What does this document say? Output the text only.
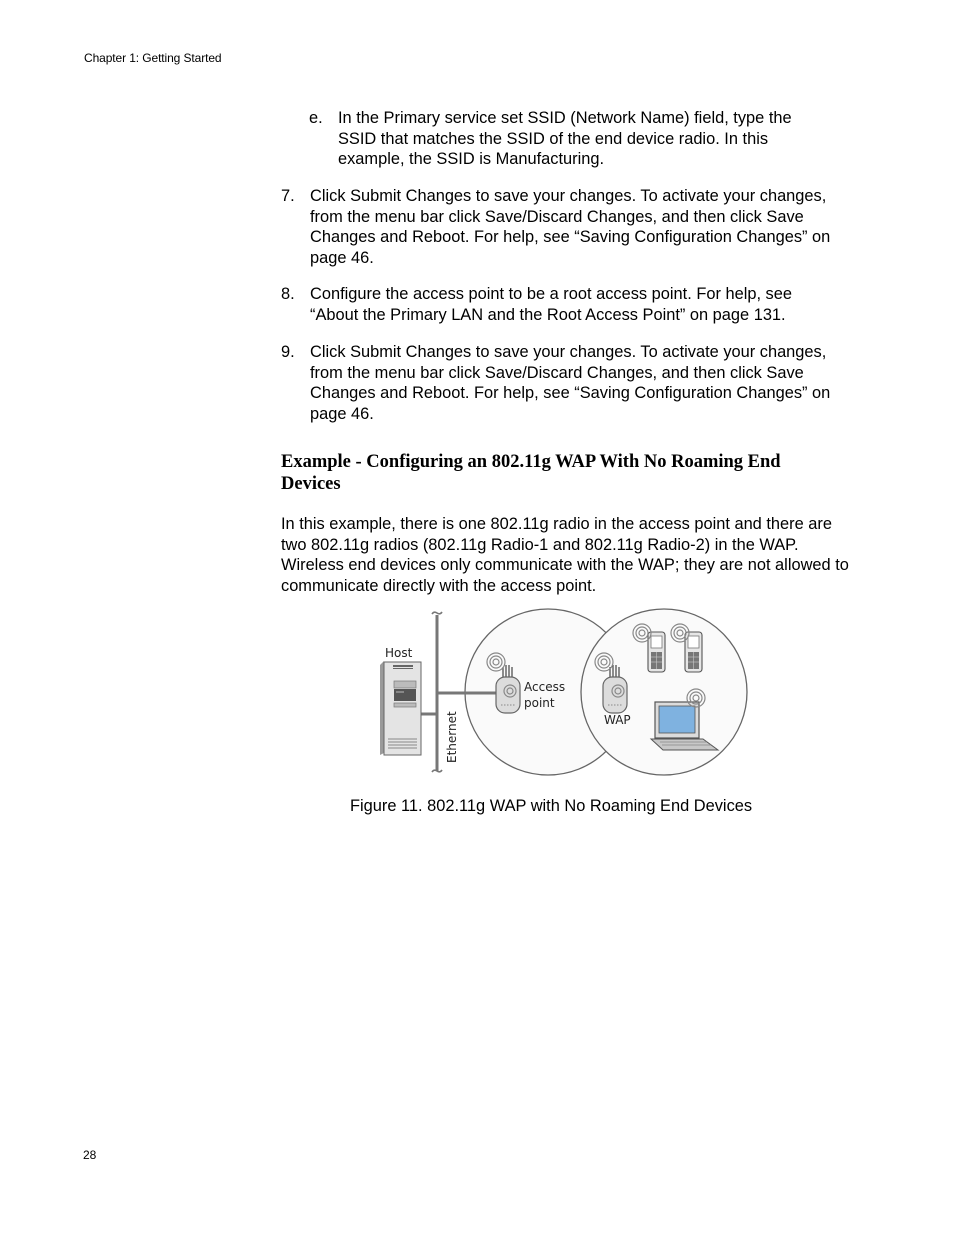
Chapter 1: Getting Started
e. In the Primary service set SSID (Network Name) field, type the SSID that matches the SSID of the end device radio. In this example, the SSID is Manufacturing.
7. Click Submit Changes to save your changes. To activate your changes, from the menu bar click Save/Discard Changes, and then click Save Changes and Reboot. For help, see “Saving Configuration Changes” on page 46.
8. Configure the access point to be a root access point. For help, see “About the Primary LAN and the Root Access Point” on page 131.
9. Click Submit Changes to save your changes. To activate your changes, from the menu bar click Save/Discard Changes, and then click Save Changes and Reboot. For help, see “Saving Configuration Changes” on page 46.
Example - Configuring an 802.11g WAP With No Roaming End Devices
In this example, there is one 802.11g radio in the access point and there are two 802.11g radios (802.11g Radio-1 and 802.11g Radio-2) in the WAP. Wireless end devices only communicate with the WAP; they are not allowed to communicate directly with the access point.
Host
Ethernet
Access point
WAP
Figure 11. 802.11g WAP with No Roaming End Devices
28
